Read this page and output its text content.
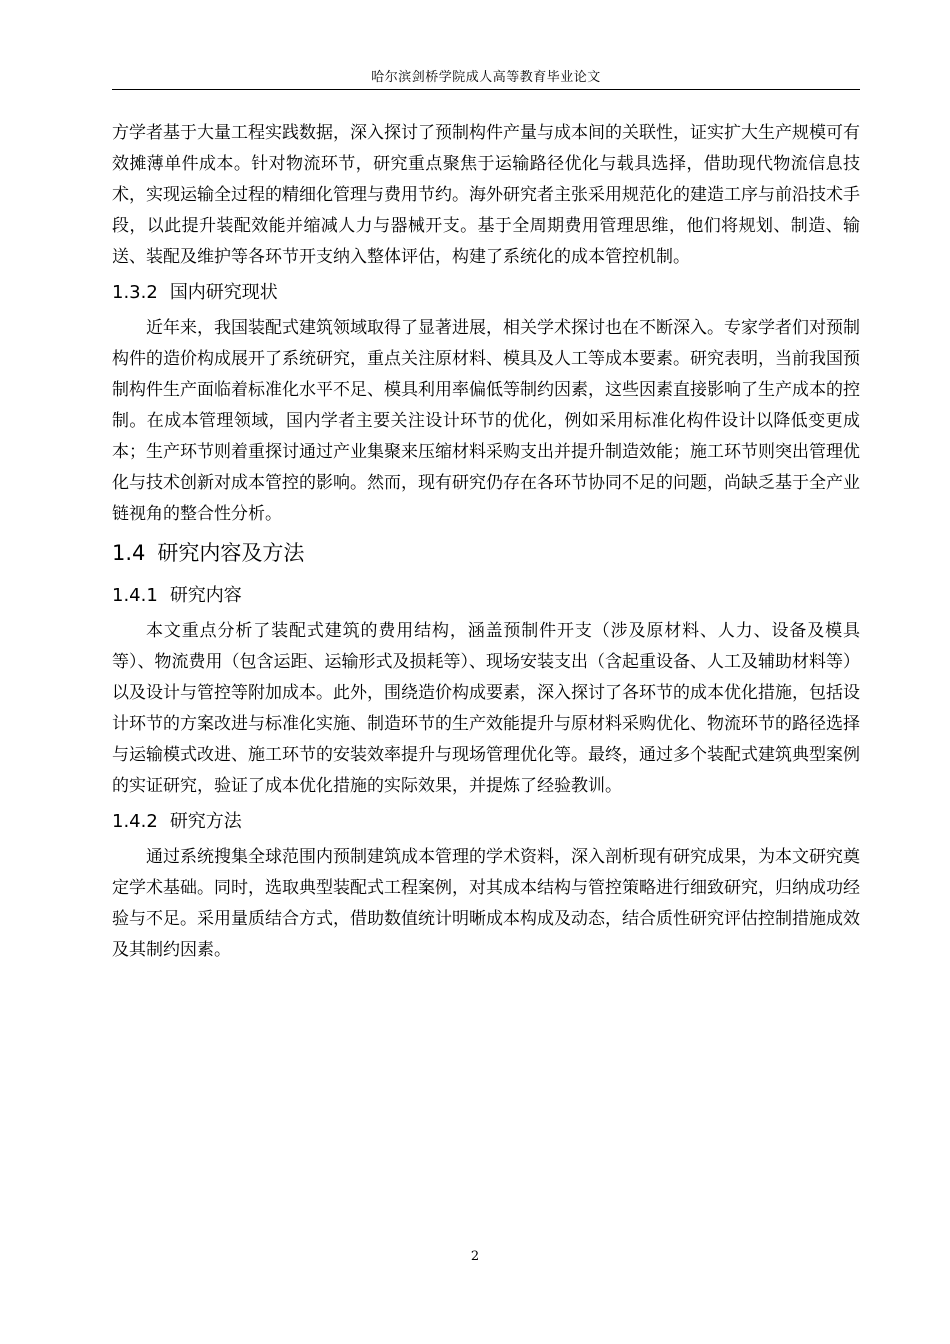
哈尔滨剑桥学院成人高等教育毕业论文

方学者基于大量工程实践数据，深入探讨了预制构件产量与成本间的关联性，证实扩大生产规模可有效摊薄单件成本。针对物流环节，研究重点聚焦于运输路径优化与载具选择，借助现代物流信息技术，实现运输全过程的精细化管理与费用节约。海外研究者主张采用规范化的建造工序与前沿技术手段，以此提升装配效能并缩减人力与器械开支。基于全周期费用管理思维，他们将规划、制造、输送、装配及维护等各环节开支纳入整体评估，构建了系统化的成本管控机制。

1.3.2 国内研究现状

近年来，我国装配式建筑领域取得了显著进展，相关学术探讨也在不断深入。专家学者们对预制构件的造价构成展开了系统研究，重点关注原材料、模具及人工等成本要素。研究表明，当前我国预制构件生产面临着标准化水平不足、模具利用率偏低等制约因素，这些因素直接影响了生产成本的控制。在成本管理领域，国内学者主要关注设计环节的优化，例如采用标准化构件设计以降低变更成本；生产环节则着重探讨通过产业集聚来压缩材料采购支出并提升制造效能；施工环节则突出管理优化与技术创新对成本管控的影响。然而，现有研究仍存在各环节协同不足的问题，尚缺乏基于全产业链视角的整合性分析。

1.4 研究内容及方法
1.4.1 研究内容

本文重点分析了装配式建筑的费用结构，涵盖预制件开支（涉及原材料、人力、设备及模具等）、物流费用（包含运距、运输形式及损耗等）、现场安装支出（含起重设备、人工及辅助材料等）以及设计与管控等附加成本。此外，围绕造价构成要素，深入探讨了各环节的成本优化措施，包括设计环节的方案改进与标准化实施、制造环节的生产效能提升与原材料采购优化、物流环节的路径选择与运输模式改进、施工环节的安装效率提升与现场管理优化等。最终，通过多个装配式建筑典型案例的实证研究，验证了成本优化措施的实际效果，并提炼了经验教训。

1.4.2 研究方法

通过系统搜集全球范围内预制建筑成本管理的学术资料，深入剖析现有研究成果，为本文研究奠定学术基础。同时，选取典型装配式工程案例，对其成本结构与管控策略进行细致研究，归纳成功经验与不足。采用量质结合方式，借助数值统计明晰成本构成及动态，结合质性研究评估控制措施成效及其制约因素。

2
